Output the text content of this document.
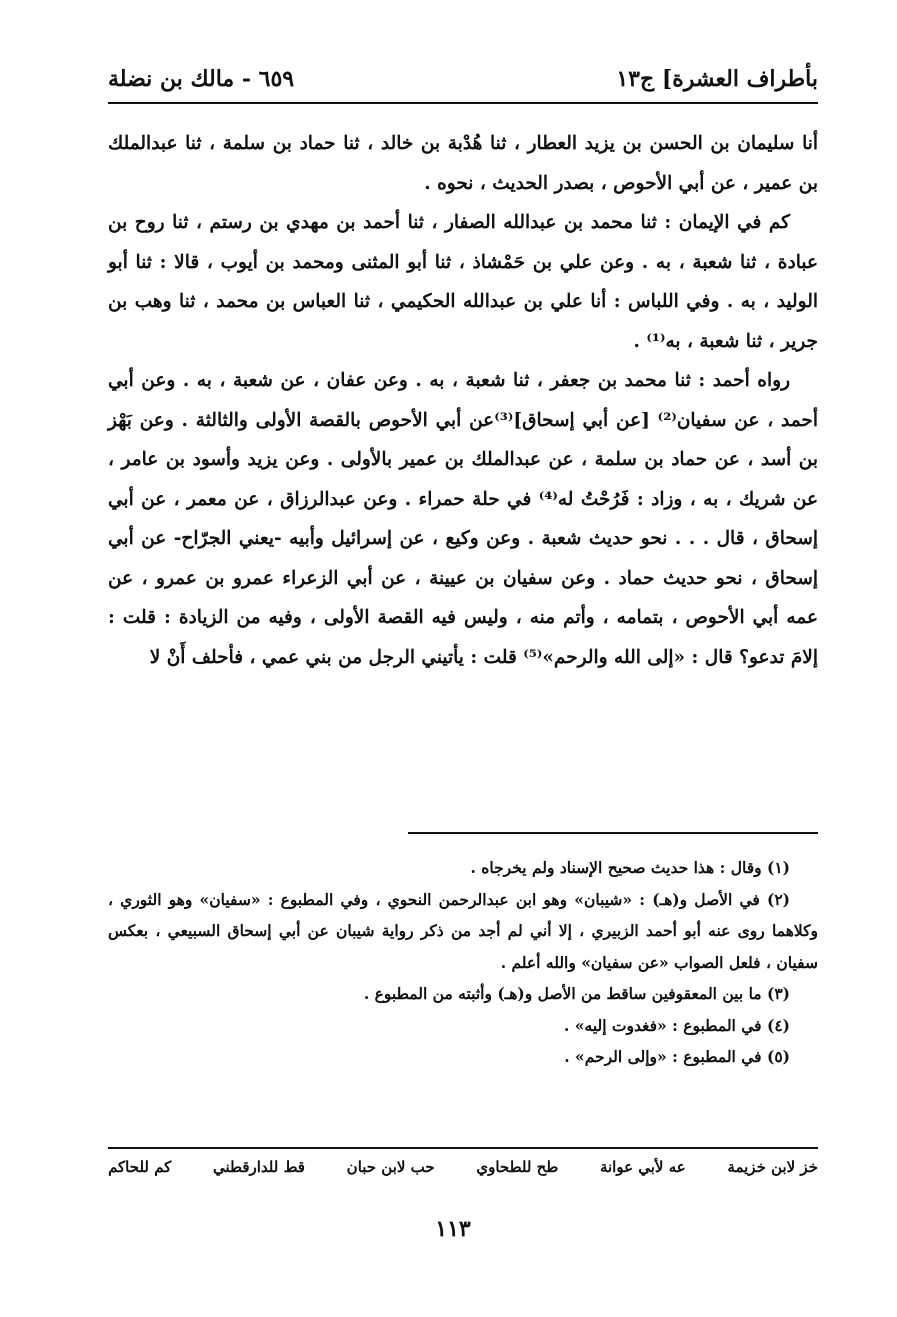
بأطراف العشرة] ج١٣
٦٥٩ - مالك بن نضلة

أنا سليمان بن الحسن بن يزيد العطار ، ثنا هُدْبة بن خالد ، ثنا حماد بن سلمة ، ثنا عبدالملك بن عمير ، عن أبي الأحوص ، بصدر الحديث ، نحوه .

كم في الإيمان : ثنا محمد بن عبدالله الصفار ، ثنا أحمد بن مهدي بن رستم ، ثنا روح بن عبادة ، ثنا شعبة ، به . وعن علي بن حَمْشاذ ، ثنا أبو المثنى ومحمد بن أيوب ، قالا : ثنا أبو الوليد ، به . وفي اللباس : أنا علي بن عبدالله الحكيمي ، ثنا العباس بن محمد ، ثنا وهب بن جرير ، ثنا شعبة ، به⁽¹⁾ .

رواه أحمد : ثنا محمد بن جعفر ، ثنا شعبة ، به . وعن عفان ، عن شعبة ، به . وعن أبي أحمد ، عن سفيان⁽²⁾ [عن أبي إسحاق]⁽³⁾عن أبي الأحوص بالقصة الأولى والثالثة . وعن بَهْز بن أسد ، عن حماد بن سلمة ، عن عبدالملك بن عمير بالأولى . وعن يزيد وأسود بن عامر ، عن شريك ، به ، وزاد : فَرُحْتُ له⁽⁴⁾ في حلة حمراء . وعن عبدالرزاق ، عن معمر ، عن أبي إسحاق ، قال . . . نحو حديث شعبة . وعن وكيع ، عن إسرائيل وأبيه -يعني الجرّاح- عن أبي إسحاق ، نحو حديث حماد . وعن سفيان بن عيينة ، عن أبي الزعراء عمرو بن عمرو ، عن عمه أبي الأحوص ، بتمامه ، وأتم منه ، وليس فيه القصة الأولى ، وفيه من الزيادة : قلت : إلامَ تدعو؟ قال : «إلى الله والرحم»⁽⁵⁾ قلت : يأتيني الرجل من بني عمي ، فأحلف أَنْ لا

(١) وقال : هذا حديث صحيح الإسناد ولم يخرجاه .

(٢) في الأصل و(هـ) : «شيبان» وهو ابن عبدالرحمن النحوي ، وفي المطبوع : «سفيان» وهو الثوري ، وكلاهما روى عنه أبو أحمد الزبيري ، إلا أني لم أجد من ذكر رواية شيبان عن أبي إسحاق السبيعي ، بعكس سفيان ، فلعل الصواب «عن سفيان» والله أعلم .

(٣) ما بين المعقوفين ساقط من الأصل و(هـ) وأثبته من المطبوع .

(٤) في المطبوع : «فغدوت إليه» .

(٥) في المطبوع : «وإلى الرحم» .

خز لابن خزيمة
عه لأبي عوانة
طح للطحاوي
حب لابن حبان
قط للدارقطني
كم للحاكم
١١٣
